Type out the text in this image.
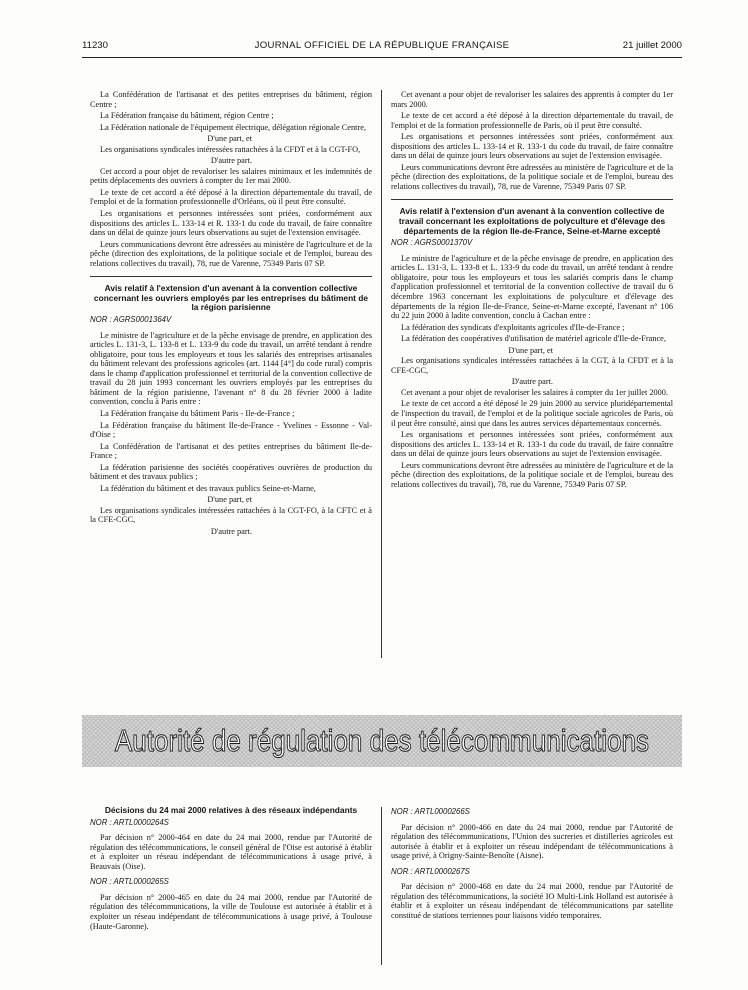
11230	JOURNAL OFFICIEL DE LA RÉPUBLIQUE FRANÇAISE	21 juillet 2000

La Confédération de l'artisanat et des petites entreprises du bâtiment, région Centre ;

La Fédération française du bâtiment, région Centre ;

La Fédération nationale de l'équipement électrique, délégation régionale Centre,

D'une part, et

Les organisations syndicales intéressées rattachées à la CFDT et à la CGT-FO,

D'autre part.

Cet accord a pour objet de revaloriser les salaires minimaux et les indemnités de petits déplacements des ouvriers à compter du 1er mai 2000.

Le texte de cet accord a été déposé à la direction départementale du travail, de l'emploi et de la formation professionnelle d'Orléans, où il peut être consulté.

Les organisations et personnes intéressées sont priées, conformément aux dispositions des articles L. 133-14 et R. 133-1 du code du travail, de faire connaître dans un délai de quinze jours leurs observations au sujet de l'extension envisagée.

Leurs communications devront être adressées au ministère de l'agriculture et de la pêche (direction des exploitations, de la politique sociale et de l'emploi, bureau des relations collectives du travail), 78, rue de Varenne, 75349 Paris 07 SP.

Avis relatif à l'extension d'un avenant à la convention collective concernant les ouvriers employés par les entreprises du bâtiment de la région parisienne

NOR : AGRS0001364V

Le ministre de l'agriculture et de la pêche envisage de prendre, en application des articles L. 131-3, L. 133-8 et L. 133-9 du code du travail, un arrêté tendant à rendre obligatoire, pour tous les employeurs et tous les salariés des entreprises artisanales du bâtiment relevant des professions agricoles (art. 1144 [4°] du code rural) compris dans le champ d'application professionnel et territorial de la convention collective de travail du 28 juin 1993 concernant les ouvriers employés par les entreprises du bâtiment de la région parisienne, l'avenant n° 8 du 28 février 2000 à ladite convention, conclu à Paris entre :

La Fédération française du bâtiment Paris - Ile-de-France ;

La Fédération française du bâtiment Ile-de-France - Yvelines - Essonne - Val-d'Oise ;

La Confédération de l'artisanat et des petites entreprises du bâtiment Ile-de-France ;

La fédération parisienne des sociétés coopératives ouvrières de production du bâtiment et des travaux publics ;

La fédération du bâtiment et des travaux publics Seine-et-Marne,

D'une part, et

Les organisations syndicales intéressées rattachées à la CGT-FO, à la CFTC et à la CFE-CGC,

D'autre part.

Cet avenant a pour objet de revaloriser les salaires des apprentis à compter du 1er mars 2000.

Le texte de cet accord a été déposé à la direction départementale du travail, de l'emploi et de la formation professionnelle de Paris, où il peut être consulté.

Les organisations et personnes intéressées sont priées, conformément aux dispositions des articles L. 133-14 et R. 133-1 du code du travail, de faire connaître dans un délai de quinze jours leurs observations au sujet de l'extension envisagée.

Leurs communications devront être adressées au ministère de l'agriculture et de la pêche (direction des exploitations, de la politique sociale et de l'emploi, bureau des relations collectives du travail), 78, rue de Varenne, 75349 Paris 07 SP.

Avis relatif à l'extension d'un avenant à la convention collective de travail concernant les exploitations de polyculture et d'élevage des départements de la région Ile-de-France, Seine-et-Marne excepté

NOR : AGRS0001370V

Le ministre de l'agriculture et de la pêche envisage de prendre, en application des articles L. 131-3, L. 133-8 et L. 133-9 du code du travail, un arrêté tendant à rendre obligatoire, pour tous les employeurs et tous les salariés compris dans le champ d'application professionnel et territorial de la convention collective de travail du 6 décembre 1963 concernant les exploitations de polyculture et d'élevage des départements de la région Ile-de-France, Seine-et-Marne excepté, l'avenant n° 106 du 22 juin 2000 à ladite convention, conclu à Cachan entre :

La fédération des syndicats d'exploitants agricoles d'Ile-de-France ;

La fédération des coopératives d'utilisation de matériel agricole d'Ile-de-France,

D'une part, et

Les organisations syndicales intéressées rattachées à la CGT, à la CFDT et à la CFE-CGC,

D'autre part.

Cet avenant a pour objet de revaloriser les salaires à compter du 1er juillet 2000.

Le texte de cet accord a été déposé le 29 juin 2000 au service pluridépartemental de l'inspection du travail, de l'emploi et de la politique sociale agricoles de Paris, où il peut être consulté, ainsi que dans les autres services départementaux concernés.

Les organisations et personnes intéressées sont priées, conformément aux dispositions des articles L. 133-14 et R. 133-1 du code du travail, de faire connaître dans un délai de quinze jours leurs observations au sujet de l'extension envisagée.

Leurs communications devront être adressées au ministère de l'agriculture et de la pêche (direction des exploitations, de la politique sociale et de l'emploi, bureau des relations collectives du travail), 78, rue du Varenne, 75349 Paris 07 SP.

Autorité de régulation des télécommunications
Décisions du 24 mai 2000 relatives à des réseaux indépendants

NOR : ARTL0000264S

Par décision n° 2000-464 en date du 24 mai 2000, rendue par l'Autorité de régulation des télécommunications, le conseil général de l'Oise est autorisé à établir et à exploiter un réseau indépendant de télécommunications à usage privé, à Beauvais (Oise).

NOR : ARTL0000265S

Par décision n° 2000-465 en date du 24 mai 2000, rendue par l'Autorité de régulation des télécommunications, la ville de Toulouse est autorisée à établir et à exploiter un réseau indépendant de télécommunications à usage privé, à Toulouse (Haute-Garonne).

NOR : ARTL0000266S

Par décision n° 2000-466 en date du 24 mai 2000, rendue par l'Autorité de régulation des télécommunications, l'Union des sucreries et distilleries agricoles est autorisée à établir et à exploiter un réseau indépendant de télécommunications à usage privé, à Origny-Sainte-Benoîte (Aisne).

NOR : ARTL0000267S

Par décision n° 2000-468 en date du 24 mai 2000, rendue par l'Autorité de régulation des télécommunications, la société IO Multi-Link Holland est autorisée à établir et à exploiter un réseau indépendant de télécommunications par satellite constitué de stations terriennes pour liaisons vidéo temporaires.
